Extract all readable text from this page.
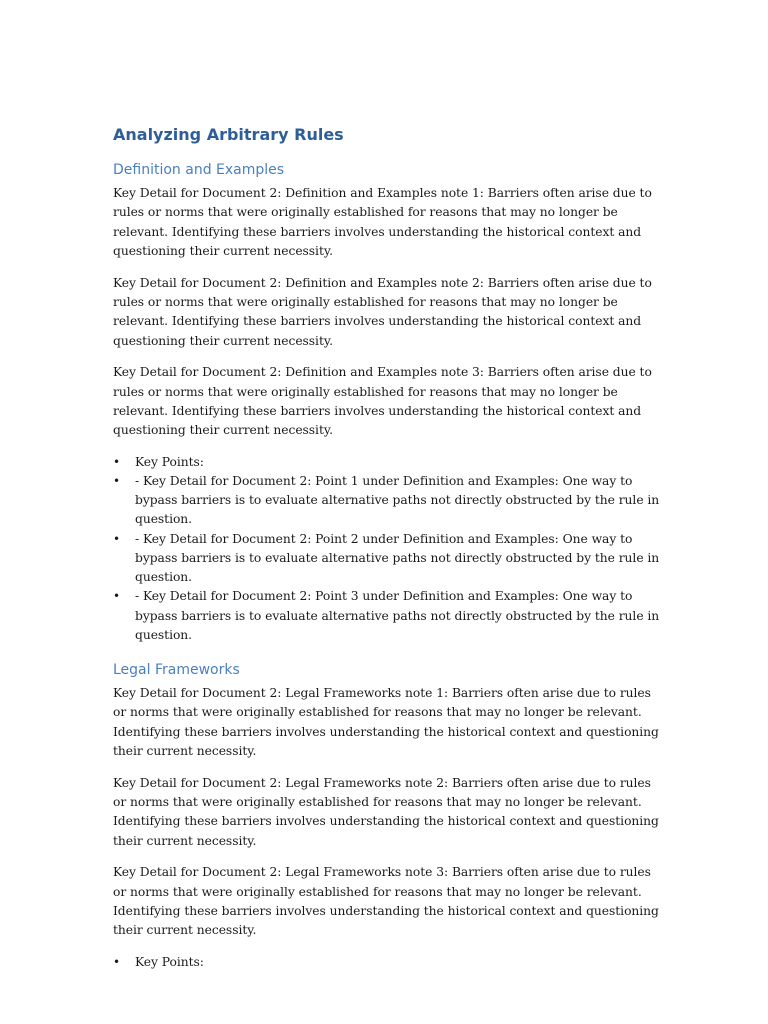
Analyzing Arbitrary Rules
Definition and Examples

Key Detail for Document 2: Definition and Examples note 1: Barriers often arise due to rules or norms that were originally established for reasons that may no longer be relevant. Identifying these barriers involves understanding the historical context and questioning their current necessity.

Key Detail for Document 2: Definition and Examples note 2: Barriers often arise due to rules or norms that were originally established for reasons that may no longer be relevant. Identifying these barriers involves understanding the historical context and questioning their current necessity.

Key Detail for Document 2: Definition and Examples note 3: Barriers often arise due to rules or norms that were originally established for reasons that may no longer be relevant. Identifying these barriers involves understanding the historical context and questioning their current necessity.

• Key Points:
• - Key Detail for Document 2: Point 1 under Definition and Examples: One way to bypass barriers is to evaluate alternative paths not directly obstructed by the rule in question.
• - Key Detail for Document 2: Point 2 under Definition and Examples: One way to bypass barriers is to evaluate alternative paths not directly obstructed by the rule in question.
• - Key Detail for Document 2: Point 3 under Definition and Examples: One way to bypass barriers is to evaluate alternative paths not directly obstructed by the rule in question.
Legal Frameworks

Key Detail for Document 2: Legal Frameworks note 1: Barriers often arise due to rules or norms that were originally established for reasons that may no longer be relevant. Identifying these barriers involves understanding the historical context and questioning their current necessity.

Key Detail for Document 2: Legal Frameworks note 2: Barriers often arise due to rules or norms that were originally established for reasons that may no longer be relevant. Identifying these barriers involves understanding the historical context and questioning their current necessity.

Key Detail for Document 2: Legal Frameworks note 3: Barriers often arise due to rules or norms that were originally established for reasons that may no longer be relevant. Identifying these barriers involves understanding the historical context and questioning their current necessity.

• Key Points:
